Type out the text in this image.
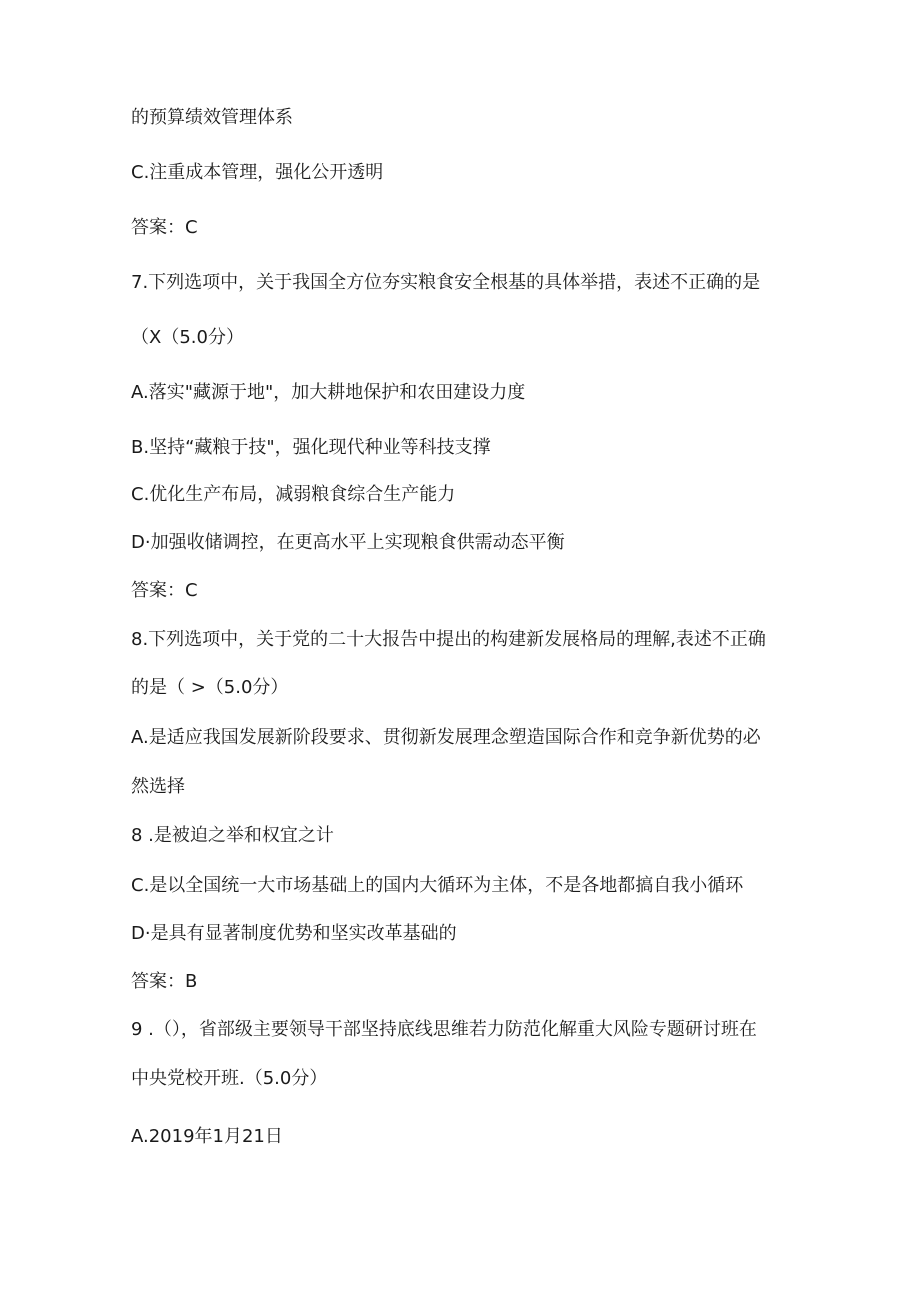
的预算绩效管理体系
C.注重成本管理，强化公开透明
答案：C
7.下列选项中，关于我国全方位夯实粮食安全根基的具体举措，表述不正确的是
（X（5.0分）
A.落实"藏源于地"，加大耕地保护和农田建设力度
B.坚持“藏粮于技"，强化现代种业等科技支撑
C.优化生产布局，减弱粮食综合生产能力
D·加强收储调控，在更高水平上实现粮食供需动态平衡
答案：C
8.下列选项中，关于党的二十大报告中提出的构建新发展格局的理解,表述不正确
的是（ >（5.0分）
A.是适应我国发展新阶段要求、贯彻新发展理念塑造国际合作和竞争新优势的必
然选择
8 .是被迫之举和权宜之计
C.是以全国统一大市场基础上的国内大循环为主体，不是各地都搞自我小循环
D·是具有显著制度优势和坚实改革基础的
答案：B
9 .（），省部级主要领导干部坚持底线思维若力防范化解重大风险专题研讨班在
中央党校开班.（5.0分）
A.2019年1月21日
